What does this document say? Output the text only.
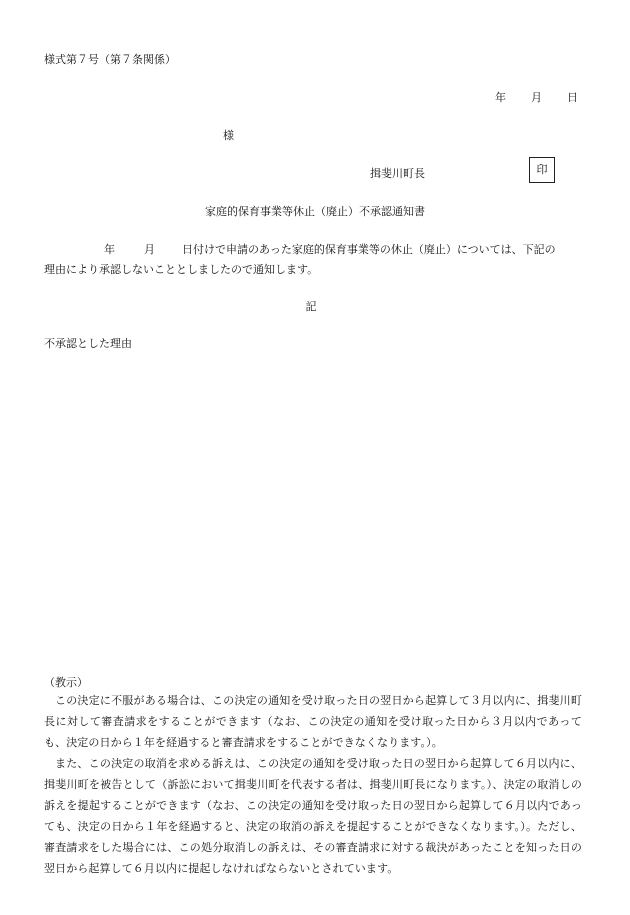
様式第７号（第７条関係）
年 月 日
様
揖斐川町長	印
家庭的保育事業等休止（廃止）不承認通知書
年	月 日付けで申請のあった家庭的保育事業等の休止（廃止）については、下記の
理由により承認しないこととしましたので通知します。
記
不承認とした理由
（教示）

この決定に不服がある場合は、この決定の通知を受け取った日の翌日から起算して３月以内に、揖斐川町長に対して審査請求をすることができます（なお、この決定の通知を受け取った日から３月以内であっても、決定の日から１年を経過すると審査請求をすることができなくなります。）。

また、この決定の取消を求める訴えは、この決定の通知を受け取った日の翌日から起算して６月以内に、揖斐川町を被告として（訴訟において揖斐川町を代表する者は、揖斐川町長になります。）、決定の取消しの訴えを提起することができます（なお、この決定の通知を受け取った日の翌日から起算して６月以内であっても、決定の日から１年を経過すると、決定の取消の訴えを提起することができなくなります。）。ただし、審査請求をした場合には、この処分取消しの訴えは、その審査請求に対する裁決があったことを知った日の翌日から起算して６月以内に提起しなければならないとされています。
